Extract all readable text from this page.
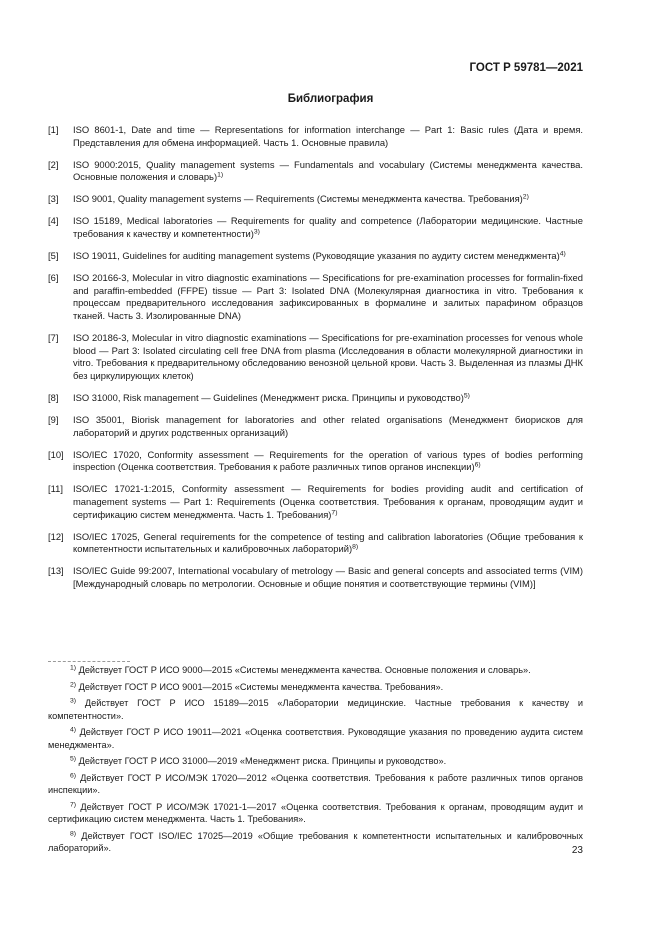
ГОСТ Р 59781—2021
Библиография
[1]	ISO 8601-1, Date and time — Representations for information interchange — Part 1: Basic rules (Дата и время. Представления для обмена информацией. Часть 1. Основные правила)
[2]	ISO 9000:2015, Quality management systems — Fundamentals and vocabulary (Системы менеджмента качества. Основные положения и словарь)$^{1)}$
[3]	ISO 9001, Quality management systems — Requirements (Системы менеджмента качества. Требования)$^{2)}$
[4]	ISO 15189, Medical laboratories — Requirements for quality and competence (Лаборатории медицинские. Частные требования к качеству и компетентности)$^{3)}$
[5]	ISO 19011, Guidelines for auditing management systems (Руководящие указания по аудиту систем менеджмента)$^{4)}$
[6]	ISO 20166-3, Molecular in vitro diagnostic examinations — Specifications for pre-examination processes for formalin-fixed and paraffin-embedded (FFPE) tissue — Part 3: Isolated DNA (Молекулярная диагностика in vitro. Требования к процессам предварительного исследования зафиксированных в формалине и залитых парафином образцов тканей. Часть 3. Изолированные DNA)
[7]	ISO 20186-3, Molecular in vitro diagnostic examinations — Specifications for pre-examination processes for venous whole blood — Part 3: Isolated circulating cell free DNA from plasma (Исследования в области молекулярной диагностики in vitro. Требования к предварительному обследованию венозной цельной крови. Часть 3. Выделенная из плазмы ДНК без циркулирующих клеток)
[8]	ISO 31000, Risk management — Guidelines (Менеджмент риска. Принципы и руководство)$^{5)}$
[9]	ISO 35001, Biorisk management for laboratories and other related organisations (Менеджмент биорисков для лабораторий и других родственных организаций)
[10] ISO/IEC 17020, Conformity assessment — Requirements for the operation of various types of bodies performing inspection (Оценка соответствия. Требования к работе различных типов органов инспекции)$^{6)}$
[11]	ISO/IEC 17021-1:2015, Conformity assessment — Requirements for bodies providing audit and certification of management systems — Part 1: Requirements (Оценка соответствия. Требования к органам, проводящим аудит и сертификацию систем менеджмента. Часть 1. Требования)$^{7)}$
[12] ISO/IEC 17025, General requirements for the competence of testing and calibration laboratories (Общие требования к компетентности испытательных и калибровочных лабораторий)$^{8)}$
[13] ISO/IEC Guide 99:2007, International vocabulary of metrology — Basic and general concepts and associated terms (VIM) [Международный словарь по метрологии. Основные и общие понятия и соответствующие термины (VIM)]
$^{1)}$ Действует ГОСТ Р ИСО 9000—2015 «Системы менеджмента качества. Основные положения и словарь».
$^{2)}$ Действует ГОСТ Р ИСО 9001—2015 «Системы менеджмента качества. Требования».
$^{3)}$ Действует ГОСТ Р ИСО 15189—2015 «Лаборатории медицинские. Частные требования к качеству и компетентности».
$^{4)}$ Действует ГОСТ Р ИСО 19011—2021 «Оценка соответствия. Руководящие указания по проведению аудита систем менеджмента».
$^{5)}$ Действует ГОСТ Р ИСО 31000—2019 «Менеджмент риска. Принципы и руководство».
$^{6)}$ Действует ГОСТ Р ИСО/МЭК 17020—2012 «Оценка соответствия. Требования к работе различных типов органов инспекции».
$^{7)}$ Действует ГОСТ Р ИСО/МЭК 17021-1—2017 «Оценка соответствия. Требования к органам, проводящим аудит и сертификацию систем менеджмента. Часть 1. Требования».
$^{8)}$ Действует ГОСТ ISO/IEC 17025—2019 «Общие требования к компетентности испытательных и калибровочных лабораторий».	23
